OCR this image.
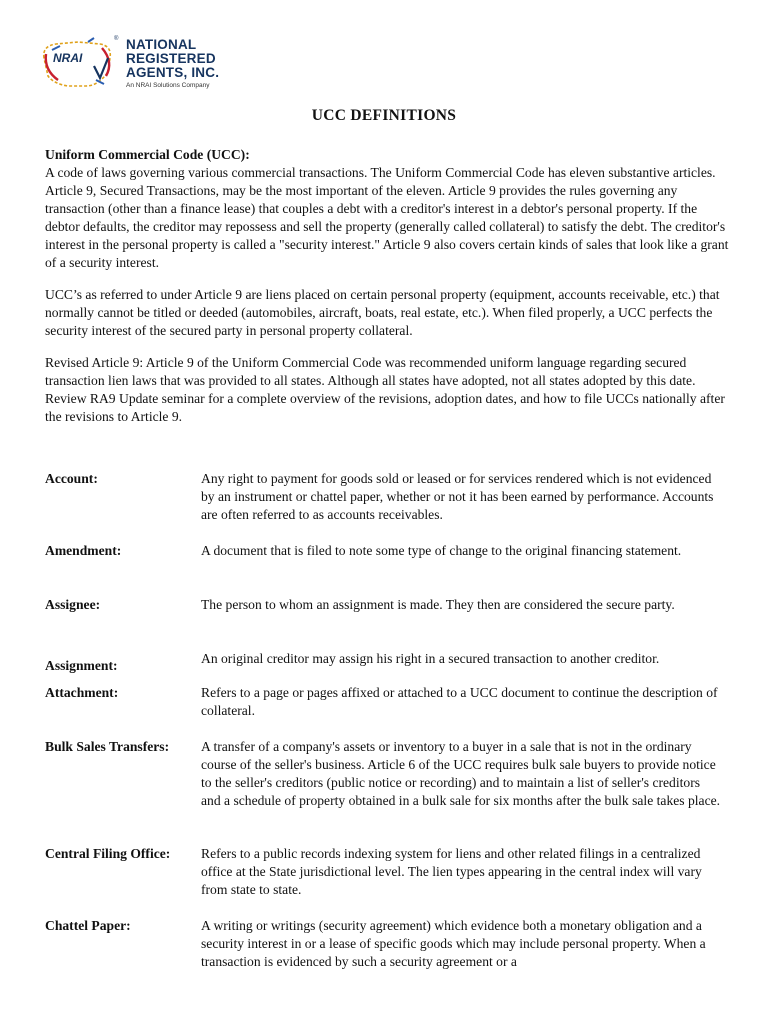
NRAI
® NATIONAL
REGISTERED
AGENTS, INC.
An NRAI Solutions Company
UCC DEFINITIONS

Uniform Commercial Code (UCC):

A code of laws governing various commercial transactions. The Uniform Commercial Code has eleven substantive articles. Article 9, Secured Transactions, may be the most important of the eleven. Article 9 provides the rules governing any transaction (other than a finance lease) that couples a debt with a creditor's interest in a debtor's personal property. If the debtor defaults, the creditor may repossess and sell the property (generally called collateral) to satisfy the debt. The creditor's interest in the personal property is called a "security interest." Article 9 also covers certain kinds of sales that look like a grant of a security interest.

UCC’s as referred to under Article 9 are liens placed on certain personal property (equipment, accounts receivable, etc.) that normally cannot be titled or deeded (automobiles, aircraft, boats, real estate, etc.). When filed properly, a UCC perfects the security interest of the secured party in personal property collateral.

Revised Article 9: Article 9 of the Uniform Commercial Code was recommended uniform language regarding secured transaction lien laws that was provided to all states. Although all states have adopted, not all states adopted by this date. Review RA9 Update seminar for a complete overview of the revisions, adoption dates, and how to file UCCs nationally after the revisions to Article 9.

Account:	Any right to payment for goods sold or leased or for services rendered which is not evidenced by an instrument or chattel paper, whether or not it has been earned by performance. Accounts are often referred to as accounts receivables.
Amendment:	A document that is filed to note some type of change to the original financing statement.
Assignee:	The person to whom an assignment is made. They then are considered the secure party.
Assignment:	An original creditor may assign his right in a secured transaction to another creditor.
Attachment:	Refers to a page or pages affixed or attached to a UCC document to continue the description of collateral.
Bulk Sales Transfers:	A transfer of a company's assets or inventory to a buyer in a sale that is not in the ordinary course of the seller's business. Article 6 of the UCC requires bulk sale buyers to provide notice to the seller's creditors (public notice or recording) and to maintain a list of seller's creditors and a schedule of property obtained in a bulk sale for six months after the bulk sale takes place.
Central Filing Office:	Refers to a public records indexing system for liens and other related filings in a centralized office at the State jurisdictional level. The lien types appearing in the central index will vary from state to state.
Chattel Paper:	A writing or writings (security agreement) which evidence both a monetary obligation and a security interest in or a lease of specific goods which may include personal property. When a transaction is evidenced by such a security agreement or a
